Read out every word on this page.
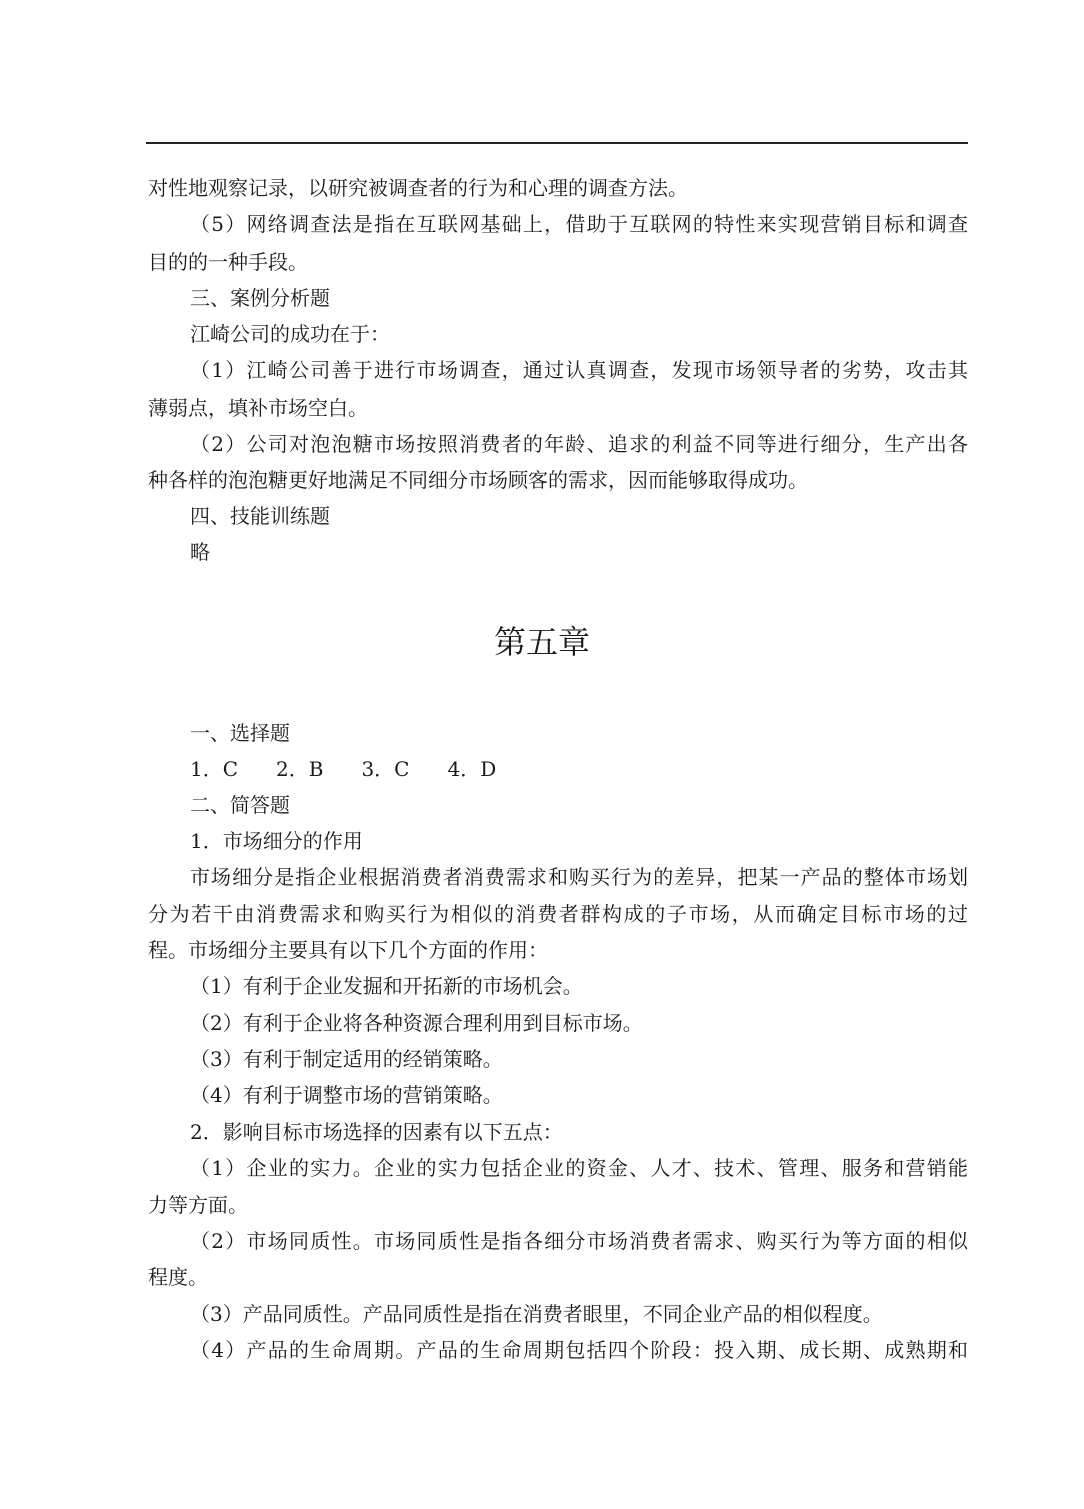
对性地观察记录，以研究被调查者的行为和心理的调查方法。

（5）网络调查法是指在互联网基础上，借助于互联网的特性来实现营销目标和调查

目的的一种手段。

三、案例分析题

江崎公司的成功在于：

（1）江崎公司善于进行市场调查，通过认真调查，发现市场领导者的劣势，攻击其

薄弱点，填补市场空白。

（2）公司对泡泡糖市场按照消费者的年龄、追求的利益不同等进行细分，生产出各

种各样的泡泡糖更好地满足不同细分市场顾客的需求，因而能够取得成功。

四、技能训练题

略

第五章

一、选择题

1．C 2．B 3．C 4．D

二、简答题

1．市场细分的作用

市场细分是指企业根据消费者消费需求和购买行为的差异，把某一产品的整体市场划

分为若干由消费需求和购买行为相似的消费者群构成的子市场，从而确定目标市场的过

程。市场细分主要具有以下几个方面的作用：

（1）有利于企业发掘和开拓新的市场机会。

（2）有利于企业将各种资源合理利用到目标市场。

（3）有利于制定适用的经销策略。

（4）有利于调整市场的营销策略。

2．影响目标市场选择的因素有以下五点：

（1）企业的实力。企业的实力包括企业的资金、人才、技术、管理、服务和营销能

力等方面。

（2）市场同质性。市场同质性是指各细分市场消费者需求、购买行为等方面的相似

程度。

（3）产品同质性。产品同质性是指在消费者眼里，不同企业产品的相似程度。

（4）产品的生命周期。产品的生命周期包括四个阶段：投入期、成长期、成熟期和
